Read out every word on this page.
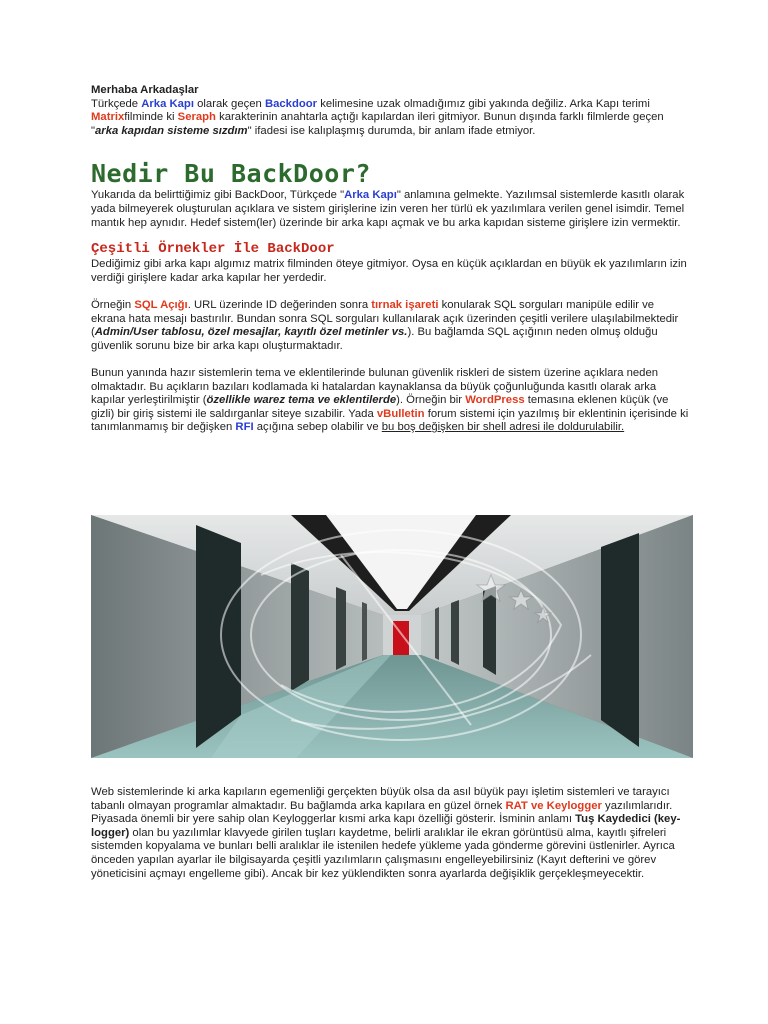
Merhaba Arkadaşlar

Türkçede Arka Kapı olarak geçen Backdoor kelimesine uzak olmadığımız gibi yakında değiliz. Arka Kapı terimi Matrixfilminde ki Seraph karakterinin anahtarla açtığı kapılardan ileri gitmiyor. Bunun dışında farklı filmlerde geçen "arka kapıdan sisteme sızdım" ifadesi ise kalıplaşmış durumda, bir anlam ifade etmiyor.

Nedir Bu BackDoor?

Yukarıda da belirttiğimiz gibi BackDoor, Türkçede "Arka Kapı" anlamına gelmekte. Yazılımsal sistemlerde kasıtlı olarak yada bilmeyerek oluşturulan açıklara ve sistem girişlerine izin veren her türlü ek yazılımlara verilen genel isimdir. Temel mantık hep aynıdır. Hedef sistem(ler) üzerinde bir arka kapı açmak ve bu arka kapıdan sisteme girişlere izin vermektir.

Çeşitli Örnekler İle BackDoor

Dediğimiz gibi arka kapı algımız matrix filminden öteye gitmiyor. Oysa en küçük açıklardan en büyük ek yazılımların izin verdiği girişlere kadar arka kapılar her yerdedir.

Örneğin SQL Açığı. URL üzerinde ID değerinden sonra tırnak işareti konularak SQL sorguları manipüle edilir ve ekrana hata mesajı bastırılır. Bundan sonra SQL sorguları kullanılarak açık üzerinden çeşitli verilere ulaşılabilmektedir (Admin/User tablosu, özel mesajlar, kayıtlı özel metinler vs.). Bu bağlamda SQL açığının neden olmuş olduğu güvenlik sorunu bize bir arka kapı oluşturmaktadır.

Bunun yanında hazır sistemlerin tema ve eklentilerinde bulunan güvenlik riskleri de sistem üzerine açıklara neden olmaktadır. Bu açıkların bazıları kodlamada ki hatalardan kaynaklansa da büyük çoğunluğunda kasıtlı olarak arka kapılar yerleştirilmiştir (özellikle warez tema ve eklentilerde). Örneğin bir WordPress temasına eklenen küçük (ve gizli) bir giriş sistemi ile saldırganlar siteye sızabilir. Yada vBulletin forum sistemi için yazılmış bir eklentinin içerisinde ki tanımlanmamış bir değişken RFI açığına sebep olabilir ve bu boş değişken bir shell adresi ile doldurulabilir.

Web sistemlerinde ki arka kapıların egemenliği gerçekten büyük olsa da asıl büyük payı işletim sistemleri ve tarayıcı tabanlı olmayan programlar almaktadır. Bu bağlamda arka kapılara en güzel örnek RAT ve Keylogger yazılımlarıdır. Piyasada önemli bir yere sahip olan Keyloggerlar kısmi arka kapı özelliği gösterir. İsminin anlamı Tuş Kaydedici (key-logger) olan bu yazılımlar klavyede girilen tuşları kaydetme, belirli aralıklar ile ekran görüntüsü alma, kayıtlı şifreleri sistemden kopyalama ve bunları belli aralıklar ile istenilen hedefe yükleme yada gönderme görevini üstlenirler. Ayrıca önceden yapılan ayarlar ile bilgisayarda çeşitli yazılımların çalışmasını engelleyebilirsiniz (Kayıt defterini ve görev yöneticisini açmayı engelleme gibi). Ancak bir kez yüklendikten sonra ayarlarda değişiklik gerçekleşmeyecektir.
